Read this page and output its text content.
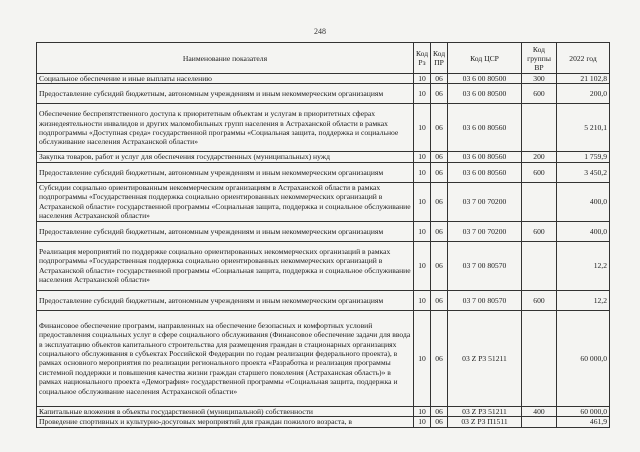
248
Наименование показателя	Код Рз	Код ПР	Код ЦСР	Код группы ВР	2022 год
Социальное обеспечение и иные выплаты населению	10	06	03 6 00 80500	300	21 102,8
Предоставление субсидий бюджетным, автономным учреждениям и иным некоммерческим организациям	10	06	03 6 00 80500	600	200,0
Обеспечение беспрепятственного доступа к приоритетным объектам и услугам в приоритетных сферах жизнедеятельности инвалидов и других маломобильных групп населения в Астраханской области в рамках подпрограммы «Доступная среда» государственной программы «Социальная защита, поддержка и социальное обслуживание населения Астраханской области»	10	06	03 6 00 80560		5 210,1
Закупка товаров, работ и услуг для обеспечения государственных (муниципальных) нужд	10	06	03 6 00 80560	200	1 759,9
Предоставление субсидий бюджетным, автономным учреждениям и иным некоммерческим организациям	10	06	03 6 00 80560	600	3 450,2
Субсидии социально ориентированным некоммерческим организациям в Астраханской области в рамках подпрограммы «Государственная поддержка социально ориентированных некоммерческих организаций в Астраханской области» государственной программы «Социальная защита, поддержка и социальное обслуживание населения Астраханской области»	10	06	03 7 00 70200		400,0
Предоставление субсидий бюджетным, автономным учреждениям и иным некоммерческим организациям	10	06	03 7 00 70200	600	400,0
Реализация мероприятий по поддержке социально ориентированных некоммерческих организаций в рамках подпрограммы «Государственная поддержка социально ориентированных некоммерческих организаций в Астраханской области» государственной программы «Социальная защита, поддержка и социальное обслуживание населения Астраханской области»	10	06	03 7 00 80570		12,2
Предоставление субсидий бюджетным, автономным учреждениям и иным некоммерческим организациям	10	06	03 7 00 80570	600	12,2
Финансовое обеспечение программ, направленных на обеспечение безопасных и комфортных условий предоставления социальных услуг в сфере социального обслуживания (Финансовое обеспечение задачи для ввода в эксплуатацию объектов капитального строительства для размещения граждан в стационарных организациях социального обслуживания в субъектах Российской Федерации по годам реализации федерального проекта), в рамках основного мероприятия по реализации регионального проекта «Разработка и реализация программы системной поддержки и повышения качества жизни граждан старшего поколения (Астраханская область)» в рамках национального проекта «Демография» государственной программы «Социальная защита, поддержка и социальное обслуживание населения Астраханской области»	10	06	03 Z P3 51211		60 000,0
Капитальные вложения в объекты государственной (муниципальной) собственности	10	06	03 Z P3 51211	400	60 000,0
Проведение спортивных и культурно-досуговых мероприятий для граждан пожилого возраста, в	10	06	03 Z P3 П1511		461,9
